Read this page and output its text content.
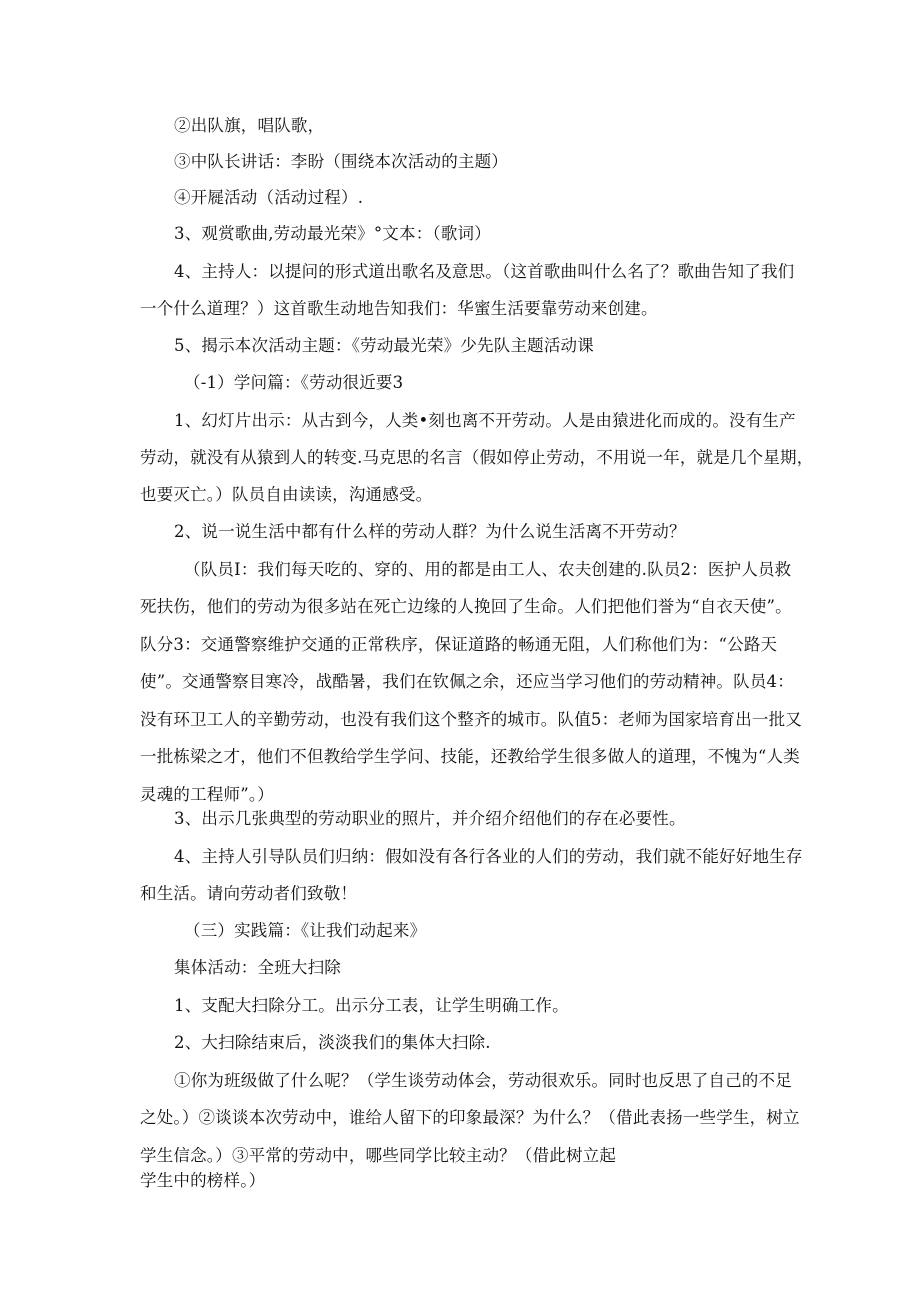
②出队旗，唱队歌，
③中队长讲话：李盼（围绕本次活动的主题）
④开屣活动（活动过程）.
3、观赏歌曲,劳动最光荣》°文本：（歌词）
4、主持人：以提问的形式道出歌名及意思。（这首歌曲叫什么名了？歌曲告知了我们
一个什么道理？）这首歌生动地告知我们：华蜜生活要靠劳动来创建。
5、揭示本次活动主题：《劳动最光荣》少先队主题活动课
（-1）学问篇：《劳动很近要3
1、幻灯片出示：从古到今，人类•刻也离不开劳动。人是由猿进化而成的。没有生产
劳动，就没有从猿到人的转变.马克思的名言（假如停止劳动，不用说一年，就是几个星期，
也要灭亡。）队员自由读读，沟通感受。
2、说一说生活中都有什么样的劳动人群？为什么说生活离不开劳动？
（队员I：我们每天吃的、穿的、用的都是由工人、农夫创建的.队员2：医护人员救
死扶伤，他们的劳动为很多站在死亡边缘的人挽回了生命。人们把他们誉为“自衣天使”。
队分3：交通警察维护交通的正常秩序，保证道路的畅通无阻，人们称他们为：“公路天
使”。交通警察目寒冷，战酷暑，我们在钦佩之余，还应当学习他们的劳动精神。队员4：
没有环卫工人的辛勤劳动，也没有我们这个整齐的城市。队值5：老师为国家培育出一批又
一批栋梁之才，他们不但教给学生学问、技能，还教给学生很多做人的道理，不愧为“人类
灵魂的工程师”。）
3、出示几张典型的劳动职业的照片，并介绍介绍他们的存在必要性。
4、主持人引导队员们归纳：假如没有各行各业的人们的劳动，我们就不能好好地生存
和生活。请向劳动者们致敬！
（三）实践篇：《让我们动起来》
集体活动：全班大扫除
1、支配大扫除分工。出示分工表，让学生明确工作。
2、大扫除结束后，淡淡我们的集体大扫除.
①你为班级做了什么呢？（学生谈劳动体会，劳动很欢乐。同时也反思了自己的不足
之处。）②谈谈本次劳动中，谁给人留下的印象最深？为什么？（借此表扬一些学生，树立
学生信念。）③平常的劳动中，哪些同学比较主动？（借此树立起
学生中的榜样。）
